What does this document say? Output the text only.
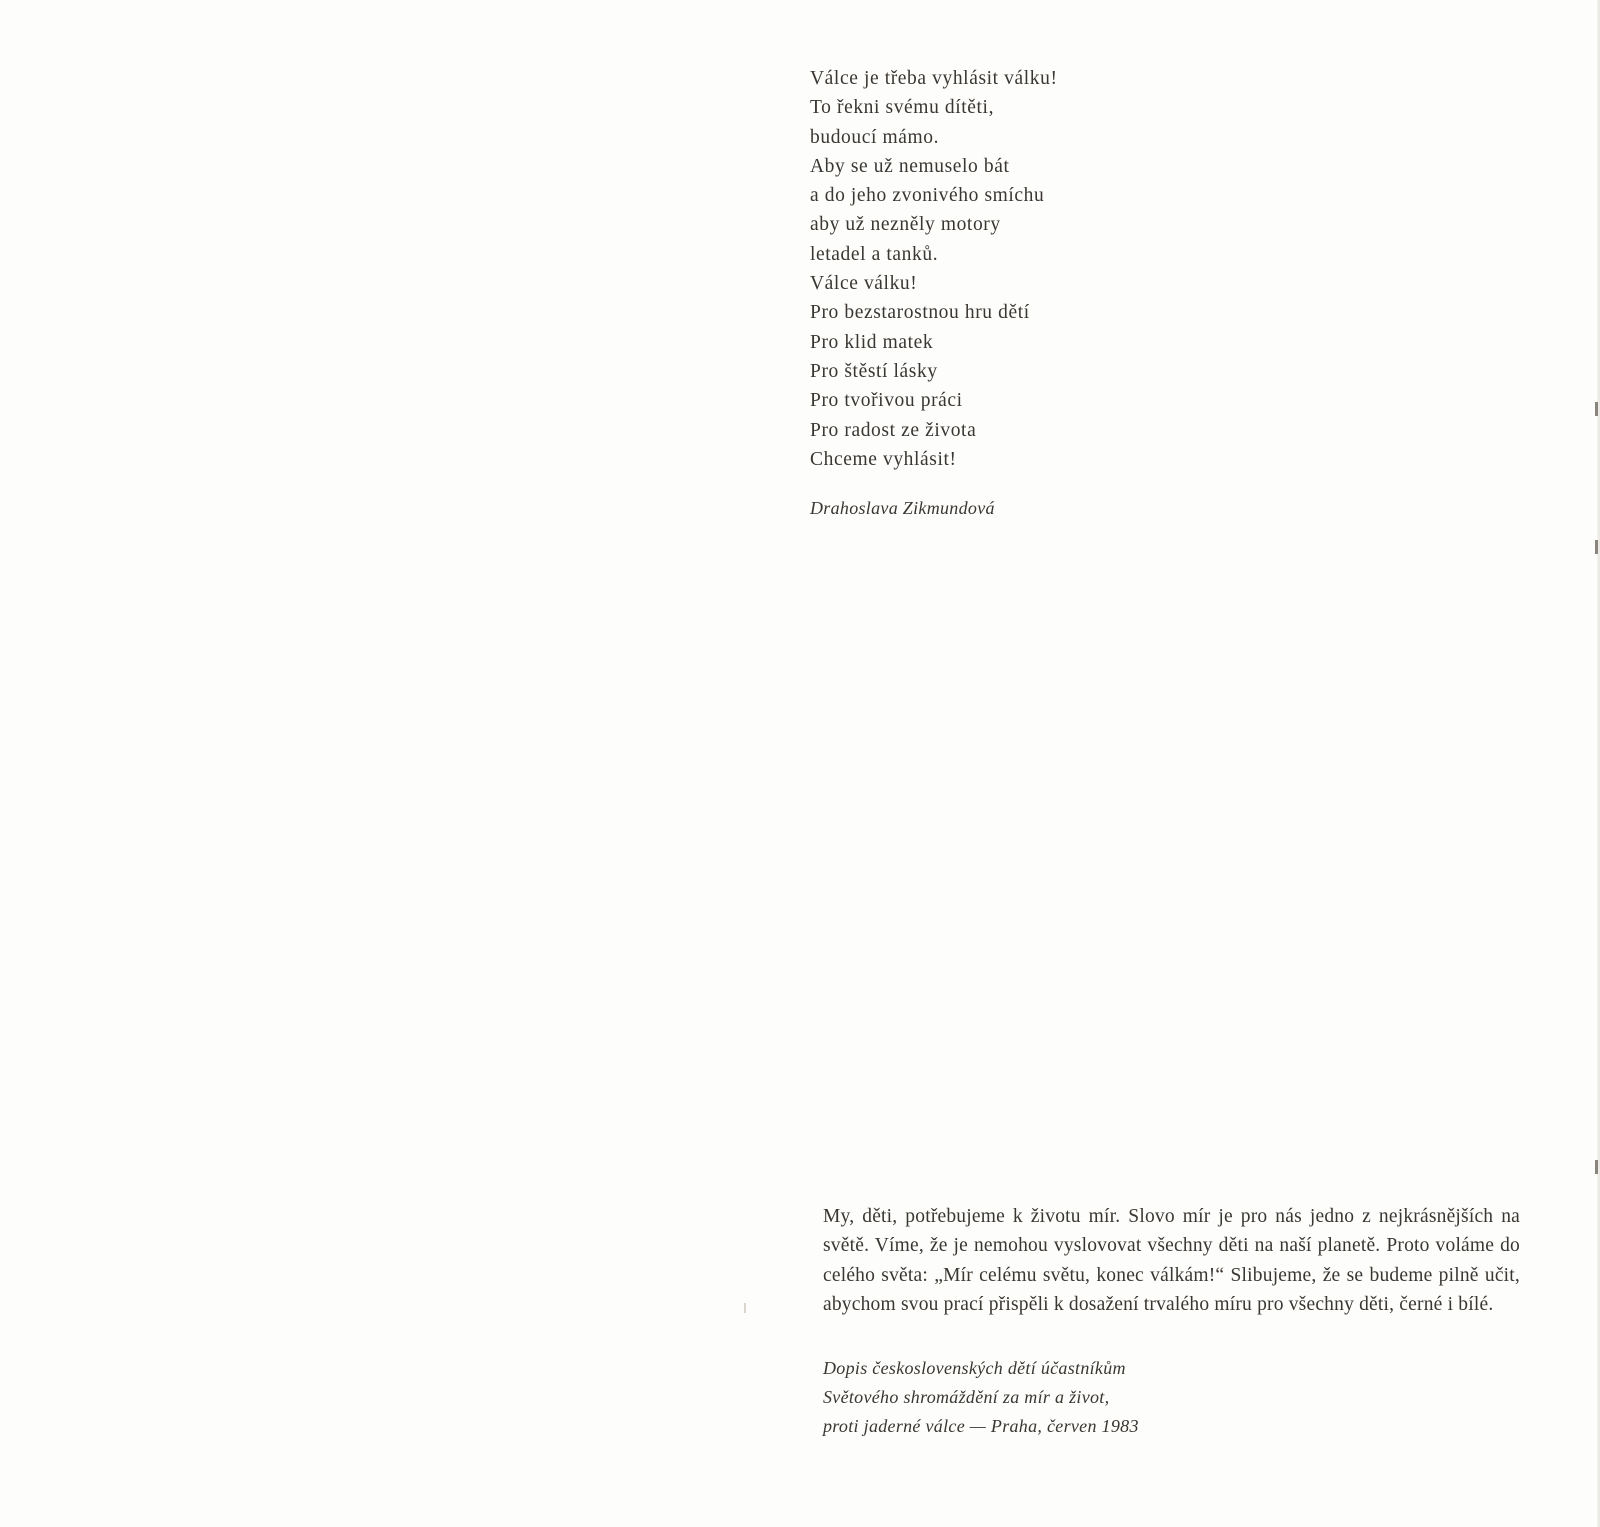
Válce je třeba vyhlásit válku!
To řekni svému dítěti,
budoucí mámo.
Aby se už nemuselo bát
a do jeho zvonivého smíchu
aby už nezněly motory
letadel a tanků.
Válce válku!
Pro bezstarostnou hru dětí
Pro klid matek
Pro štěstí lásky
Pro tvořivou práci
Pro radost ze života
Chceme vyhlásit!
Drahoslava Zikmundová

My, děti, potřebujeme k životu mír. Slovo mír je pro nás jedno z nejkrásnějších na světě. Víme, že je nemohou vyslovovat všechny děti na naší planetě. Proto voláme do celého světa: „Mír celému světu, konec válkám!“ Slibujeme, že se budeme pilně učit, abychom svou prací přispěli k dosažení trvalého míru pro všechny děti, černé i bílé.

Dopis československých dětí účastníkům
Světového shromáždění za mír a život,
proti jaderné válce — Praha, červen 1983
